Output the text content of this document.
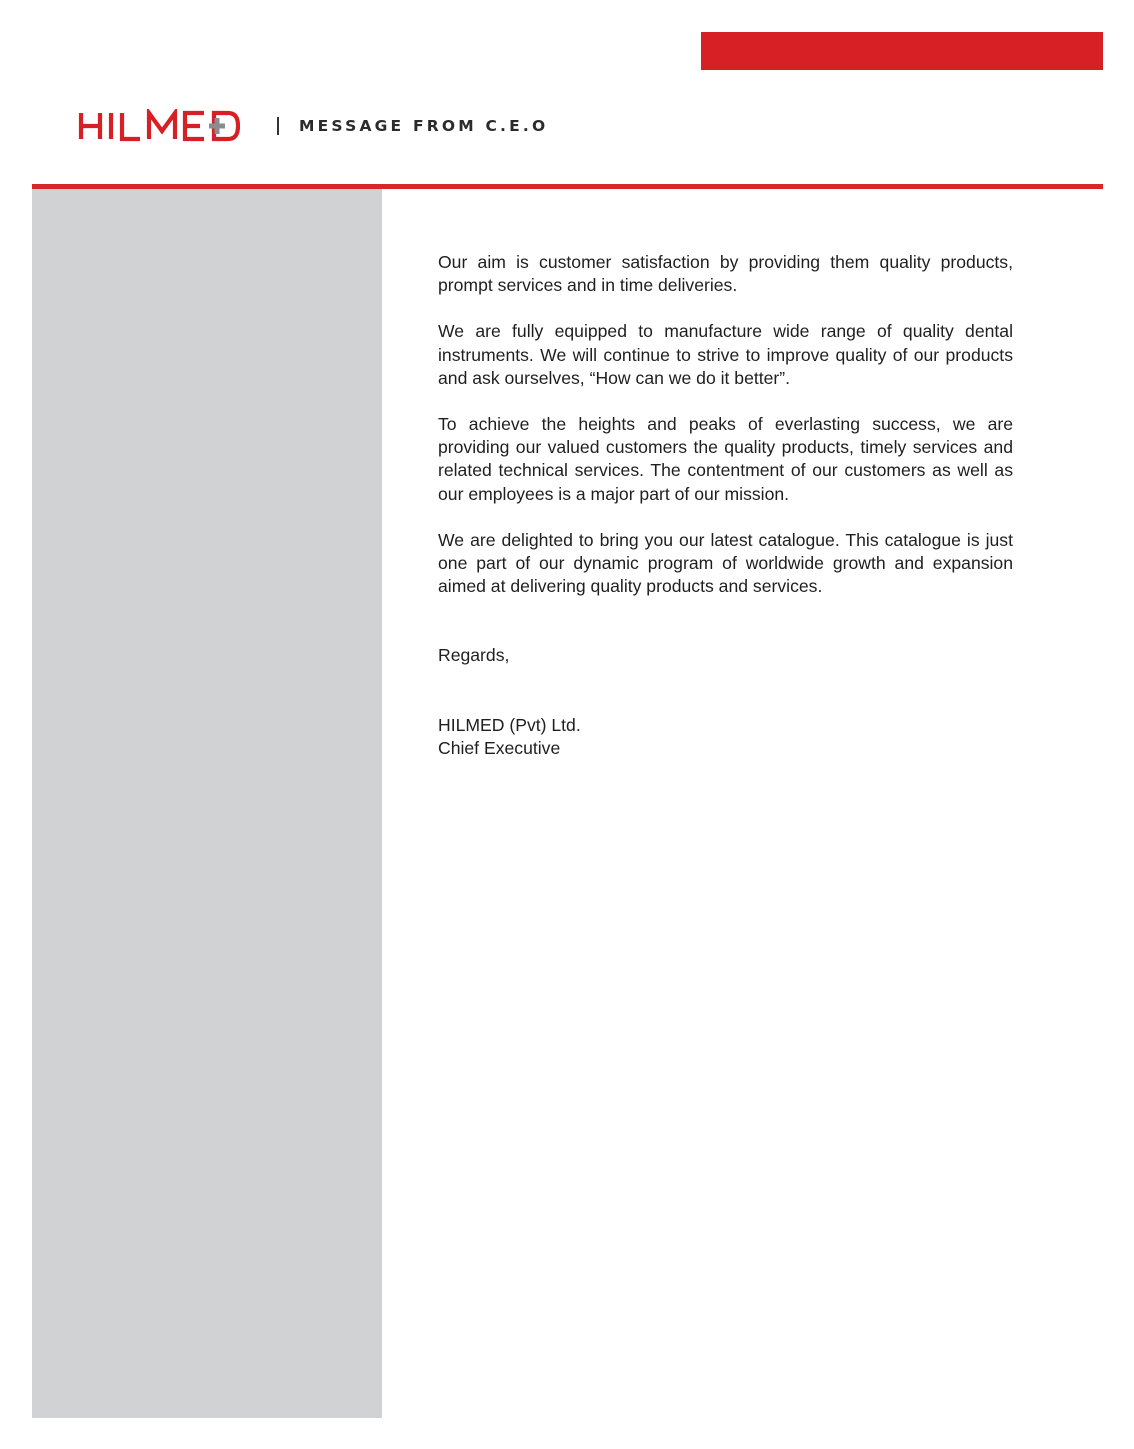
MESSAGE FROM C.E.O

Our aim is customer satisfaction by providing them quality products, prompt services and in time deliveries.

We are fully equipped to manufacture wide range of quality dental instruments. We will continue to strive to improve quality of our products and ask ourselves, “How can we do it better”.

To achieve the heights and peaks of everlasting success, we are providing our valued customers the quality products, timely services and related technical services. The contentment of our customers as well as our employees is a major part of our mission.

We are delighted to bring you our latest catalogue. This catalogue is just one part of our dynamic program of worldwide growth and expansion aimed at delivering quality products and services.

Regards,

HILMED (Pvt) Ltd.

Chief Executive
